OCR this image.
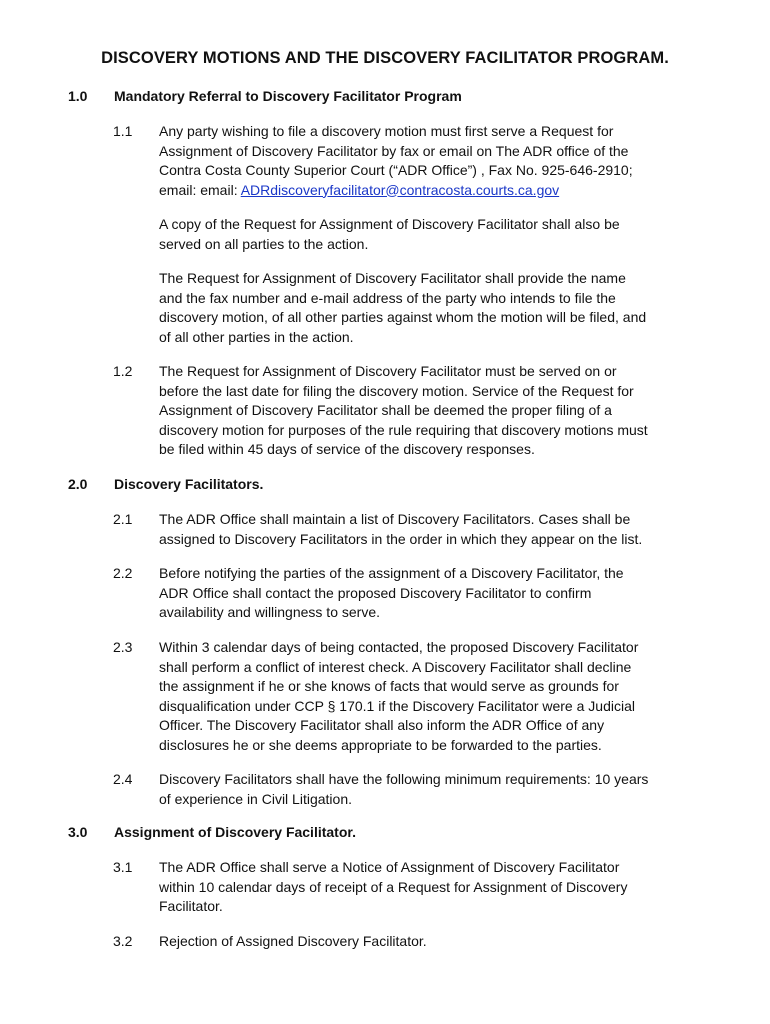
DISCOVERY MOTIONS AND THE DISCOVERY FACILITATOR PROGRAM.
1.0 Mandatory Referral to Discovery Facilitator Program
1.1	Any party wishing to file a discovery motion must first serve a Request for
Assignment of Discovery Facilitator by fax or email on The ADR office of the
Contra Costa County Superior Court (“ADR Office”) , Fax No. 925-646-2910;
email: email: ADRdiscoveryfacilitator@contracosta.courts.ca.gov
A copy of the Request for Assignment of Discovery Facilitator shall also be
served on all parties to the action.
The Request for Assignment of Discovery Facilitator shall provide the name
and the fax number and e-mail address of the party who intends to file the
discovery motion, of all other parties against whom the motion will be filed, and
of all other parties in the action.
1.2	The Request for Assignment of Discovery Facilitator must be served on or
before the last date for filing the discovery motion. Service of the Request for
Assignment of Discovery Facilitator shall be deemed the proper filing of a
discovery motion for purposes of the rule requiring that discovery motions must
be filed within 45 days of service of the discovery responses.
2.0 Discovery Facilitators.
2.1	The ADR Office shall maintain a list of Discovery Facilitators. Cases shall be
assigned to Discovery Facilitators in the order in which they appear on the list.
2.2	Before notifying the parties of the assignment of a Discovery Facilitator, the
ADR Office shall contact the proposed Discovery Facilitator to confirm
availability and willingness to serve.
2.3	Within 3 calendar days of being contacted, the proposed Discovery Facilitator
shall perform a conflict of interest check. A Discovery Facilitator shall decline
the assignment if he or she knows of facts that would serve as grounds for
disqualification under CCP § 170.1 if the Discovery Facilitator were a Judicial
Officer. The Discovery Facilitator shall also inform the ADR Office of any
disclosures he or she deems appropriate to be forwarded to the parties.
2.4	Discovery Facilitators shall have the following minimum requirements: 10 years
of experience in Civil Litigation.
3.0 Assignment of Discovery Facilitator.
3.1	The ADR Office shall serve a Notice of Assignment of Discovery Facilitator
within 10 calendar days of receipt of a Request for Assignment of Discovery
Facilitator.
3.2	Rejection of Assigned Discovery Facilitator.
